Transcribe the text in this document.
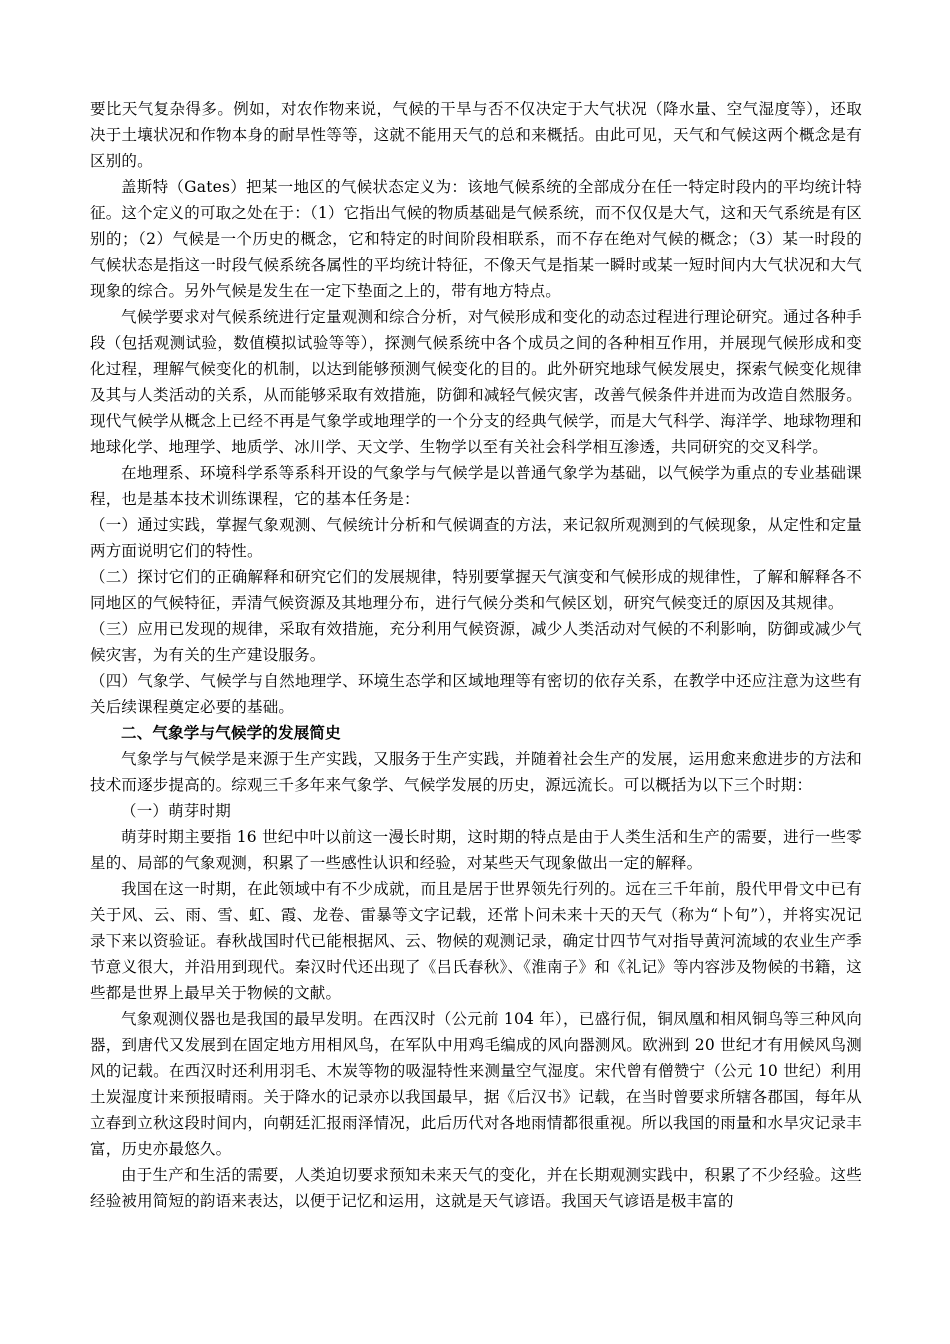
要比天气复杂得多。例如，对农作物来说，气候的干旱与否不仅决定于大气状况（降水量、空气湿度等），还取决于土壤状况和作物本身的耐旱性等等，这就不能用天气的总和来概括。由此可见，天气和气候这两个概念是有区别的。

盖斯特（Gates）把某一地区的气候状态定义为：该地气候系统的全部成分在任一特定时段内的平均统计特征。这个定义的可取之处在于：（1）它指出气候的物质基础是气候系统，而不仅仅是大气，这和天气系统是有区别的；（2）气候是一个历史的概念，它和特定的时间阶段相联系，而不存在绝对气候的概念；（3）某一时段的气候状态是指这一时段气候系统各属性的平均统计特征，不像天气是指某一瞬时或某一短时间内大气状况和大气现象的综合。另外气候是发生在一定下垫面之上的，带有地方特点。

气候学要求对气候系统进行定量观测和综合分析，对气候形成和变化的动态过程进行理论研究。通过各种手段（包括观测试验，数值模拟试验等等），探测气候系统中各个成员之间的各种相互作用，并展现气候形成和变化过程，理解气候变化的机制，以达到能够预测气候变化的目的。此外研究地球气候发展史，探索气候变化规律及其与人类活动的关系，从而能够采取有效措施，防御和减轻气候灾害，改善气候条件并进而为改造自然服务。现代气候学从概念上已经不再是气象学或地理学的一个分支的经典气候学，而是大气科学、海洋学、地球物理和地球化学、地理学、地质学、冰川学、天文学、生物学以至有关社会科学相互渗透，共同研究的交叉科学。

在地理系、环境科学系等系科开设的气象学与气候学是以普通气象学为基础，以气候学为重点的专业基础课程，也是基本技术训练课程，它的基本任务是：

（一）通过实践，掌握气象观测、气候统计分析和气候调查的方法，来记叙所观测到的气候现象，从定性和定量两方面说明它们的特性。

（二）探讨它们的正确解释和研究它们的发展规律，特别要掌握天气演变和气候形成的规律性，了解和解释各不同地区的气候特征，弄清气候资源及其地理分布，进行气候分类和气候区划，研究气候变迁的原因及其规律。

（三）应用已发现的规律，采取有效措施，充分利用气候资源，减少人类活动对气候的不利影响，防御或减少气候灾害，为有关的生产建设服务。

（四）气象学、气候学与自然地理学、环境生态学和区域地理等有密切的依存关系，在教学中还应注意为这些有关后续课程奠定必要的基础。

二、气象学与气候学的发展简史

气象学与气候学是来源于生产实践，又服务于生产实践，并随着社会生产的发展，运用愈来愈进步的方法和技术而逐步提高的。综观三千多年来气象学、气候学发展的历史，源远流长。可以概括为以下三个时期：

（一）萌芽时期

萌芽时期主要指 16 世纪中叶以前这一漫长时期，这时期的特点是由于人类生活和生产的需要，进行一些零星的、局部的气象观测，积累了一些感性认识和经验，对某些天气现象做出一定的解释。

我国在这一时期，在此领域中有不少成就，而且是居于世界领先行列的。远在三千年前，殷代甲骨文中已有关于风、云、雨、雪、虹、霞、龙卷、雷暴等文字记载，还常卜问未来十天的天气（称为“卜旬”），并将实况记录下来以资验证。春秋战国时代已能根据风、云、物候的观测记录，确定廿四节气对指导黄河流域的农业生产季节意义很大，并沿用到现代。秦汉时代还出现了《吕氏春秋》、《淮南子》和《礼记》等内容涉及物候的书籍，这些都是世界上最早关于物候的文献。

气象观测仪器也是我国的最早发明。在西汉时（公元前 104 年），已盛行侃，铜凤凰和相风铜鸟等三种风向器，到唐代又发展到在固定地方用相风鸟，在军队中用鸡毛编成的风向器测风。欧洲到 20 世纪才有用候风鸟测风的记载。在西汉时还利用羽毛、木炭等物的吸湿特性来测量空气湿度。宋代曾有僧赞宁（公元 10 世纪）利用土炭湿度计来预报晴雨。关于降水的记录亦以我国最早，据《后汉书》记载，在当时曾要求所辖各郡国，每年从立春到立秋这段时间内，向朝廷汇报雨泽情况，此后历代对各地雨情都很重视。所以我国的雨量和水旱灾记录丰富，历史亦最悠久。

由于生产和生活的需要，人类迫切要求预知未来天气的变化，并在长期观测实践中，积累了不少经验。这些经验被用简短的韵语来表达，以便于记忆和运用，这就是天气谚语。我国天气谚语是极丰富的
